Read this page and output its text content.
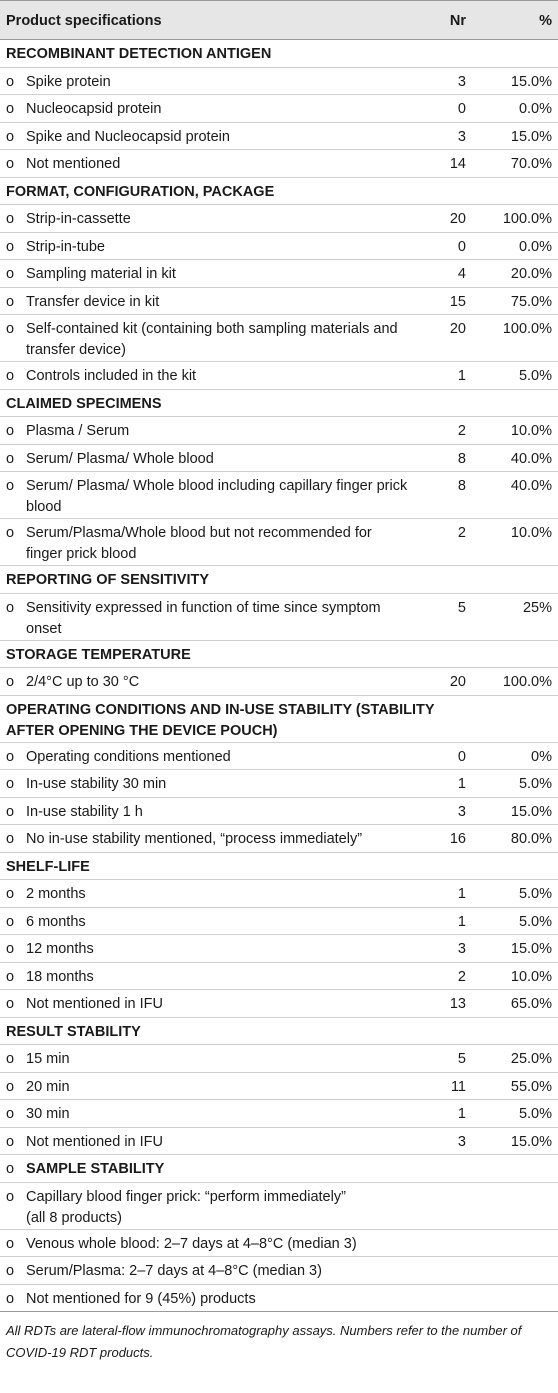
Product specifications	Nr	%
RECOMBINANT DETECTION ANTIGEN
o Spike protein	3	15.0%
o Nucleocapsid protein	0	0.0%
o Spike and Nucleocapsid protein	3	15.0%
o Not mentioned	14	70.0%
FORMAT, CONFIGURATION, PACKAGE
o Strip-in-cassette	20	100.0%
o Strip-in-tube	0	0.0%
o Sampling material in kit	4	20.0%
o Transfer device in kit	15	75.0%
o Self-contained kit (containing both sampling materials and
transfer device)
20	100.0%
o Controls included in the kit	1	5.0%
CLAIMED SPECIMENS
o Plasma / Serum	2	10.0%
o Serum/ Plasma/ Whole blood	8	40.0%
o Serum/ Plasma/ Whole blood including capillary finger prick
blood
8	40.0%
o Serum/Plasma/Whole blood but not recommended for
finger prick blood
2	10.0%
REPORTING OF SENSITIVITY
o Sensitivity expressed in function of time since symptom
onset
5	25%
STORAGE TEMPERATURE
o 2/4°C up to 30 °C	20	100.0%
OPERATING CONDITIONS AND IN-USE STABILITY (STABILITY
AFTER OPENING THE DEVICE POUCH)
o Operating conditions mentioned	0	0%
o In-use stability 30 min	1	5.0%
o In-use stability 1 h	3	15.0%
o No in-use stability mentioned, “process immediately”	16	80.0%
SHELF-LIFE
o 2 months	1	5.0%
o 6 months	1	5.0%
o 12 months	3	15.0%
o 18 months	2	10.0%
o Not mentioned in IFU	13	65.0%
RESULT STABILITY
o 15 min	5	25.0%
o 20 min	11	55.0%
o 30 min	1	5.0%
o Not mentioned in IFU	3	15.0%
o SAMPLE STABILITY
o Capillary blood finger prick: “perform immediately”
(all 8 products)
o Venous whole blood: 2–7 days at 4–8°C (median 3)
o Serum/Plasma: 2–7 days at 4–8°C (median 3)
o Not mentioned for 9 (45%) products
All RDTs are lateral-flow immunochromatography assays. Numbers refer to the number of COVID-19 RDT products.
